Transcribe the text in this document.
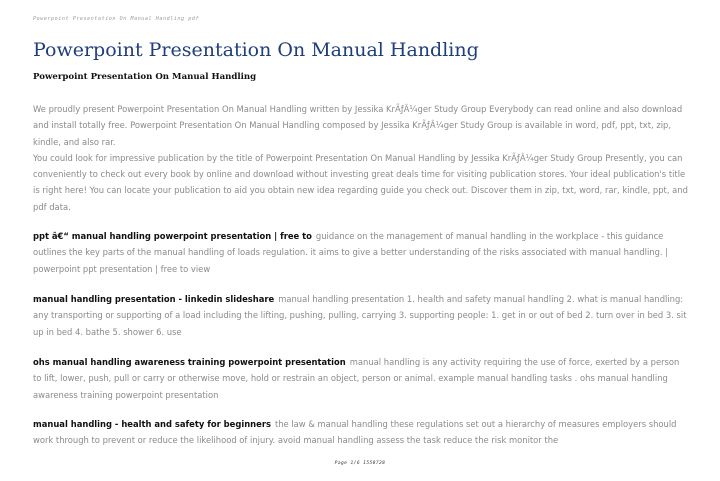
Powerpoint Presentation On Manual Handling pdf
Powerpoint Presentation On Manual Handling
Powerpoint Presentation On Manual Handling

We proudly present Powerpoint Presentation On Manual Handling written by Jessika KrÃƒÂ¼ger Study Group Everybody can read online and also download and install totally free. Powerpoint Presentation On Manual Handling composed by Jessika KrÃƒÂ¼ger Study Group is available in word, pdf, ppt, txt, zip, kindle, and also rar.
You could look for impressive publication by the title of Powerpoint Presentation On Manual Handling by Jessika KrÃƒÂ¼ger Study Group Presently, you can conveniently to check out every book by online and download without investing great deals time for visiting publication stores. Your ideal publication's title is right here! You can locate your publication to aid you obtain new idea regarding guide you check out. Discover them in zip, txt, word, rar, kindle, ppt, and pdf data.

ppt â€“ manual handling powerpoint presentation | free to guidance on the management of manual handling in the workplace - this guidance outlines the key parts of the manual handling of loads regulation. it aims to give a better understanding of the risks associated with manual handling. | powerpoint ppt presentation | free to view

manual handling presentation - linkedin slideshare manual handling presentation 1. health and safety manual handling 2. what is manual handling: any transporting or supporting of a load including the lifting, pushing, pulling, carrying 3. supporting people: 1. get in or out of bed 2. turn over in bed 3. sit up in bed 4. bathe 5. shower 6. use

ohs manual handling awareness training powerpoint presentation manual handling is any activity requiring the use of force, exerted by a person to lift, lower, push, pull or carry or otherwise move, hold or restrain an object, person or animal. example manual handling tasks . ohs manual handling awareness training powerpoint presentation

manual handling - health and safety for beginners the law & manual handling these regulations set out a hierarchy of measures employers should work through to prevent or reduce the likelihood of injury. avoid manual handling assess the task reduce the risk monitor the

Page 1/6 1550728
